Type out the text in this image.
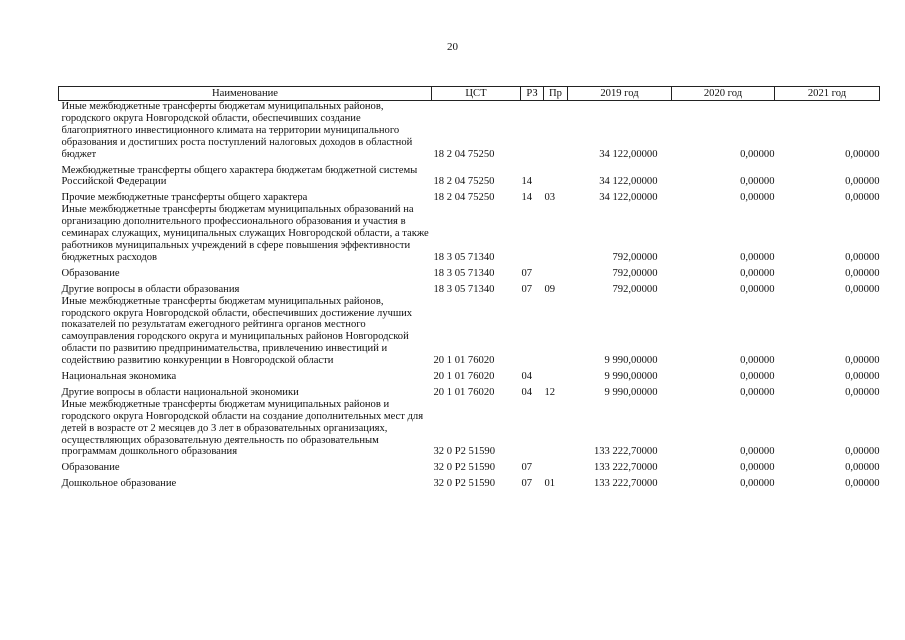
20
Наименование	ЦСТ	РЗ	Пр	2019 год	2020 год	2021 год
Иные межбюджетные трансферты бюджетам муниципальных районов, городского округа Новгородской области, обеспечивших создание благоприятного инвестиционного климата на территории муниципального образования и достигших роста поступлений налоговых доходов в областной бюджет	18 2 04 75250			34 122,00000	0,00000	0,00000
Межбюджетные трансферты общего характера бюджетам бюджетной системы Российской Федерации	18 2 04 75250	14		34 122,00000	0,00000	0,00000
Прочие межбюджетные трансферты общего характера	18 2 04 75250	14	03	34 122,00000	0,00000	0,00000
Иные межбюджетные трансферты бюджетам муниципальных образований на организацию дополнительного профессионального образования и участия в семинарах служащих, муниципальных служащих Новгородской области, а также работников муниципальных учреждений в сфере повышения эффективности бюджетных расходов	18 3 05 71340			792,00000	0,00000	0,00000
Образование	18 3 05 71340	07		792,00000	0,00000	0,00000
Другие вопросы в области образования	18 3 05 71340	07	09	792,00000	0,00000	0,00000
Иные межбюджетные трансферты бюджетам муниципальных районов, городского округа Новгородской области, обеспечивших достижение лучших показателей по результатам ежегодного рейтинга органов местного самоуправления городского округа и муниципальных районов Новгородской области по развитию предпринимательства, привлечению инвестиций и содействию развитию конкуренции в Новгородской области	20 1 01 76020			9 990,00000	0,00000	0,00000
Национальная экономика	20 1 01 76020	04		9 990,00000	0,00000	0,00000
Другие вопросы в области национальной экономики	20 1 01 76020	04	12	9 990,00000	0,00000	0,00000
Иные межбюджетные трансферты бюджетам муниципальных районов и городского округа Новгородской области на создание дополнительных мест для детей в возрасте от 2 месяцев до 3 лет в образовательных организациях, осуществляющих образовательную деятельность по образовательным программам дошкольного образования	32 0 P2 51590			133 222,70000	0,00000	0,00000
Образование	32 0 P2 51590	07		133 222,70000	0,00000	0,00000
Дошкольное образование	32 0 P2 51590	07	01	133 222,70000	0,00000	0,00000
